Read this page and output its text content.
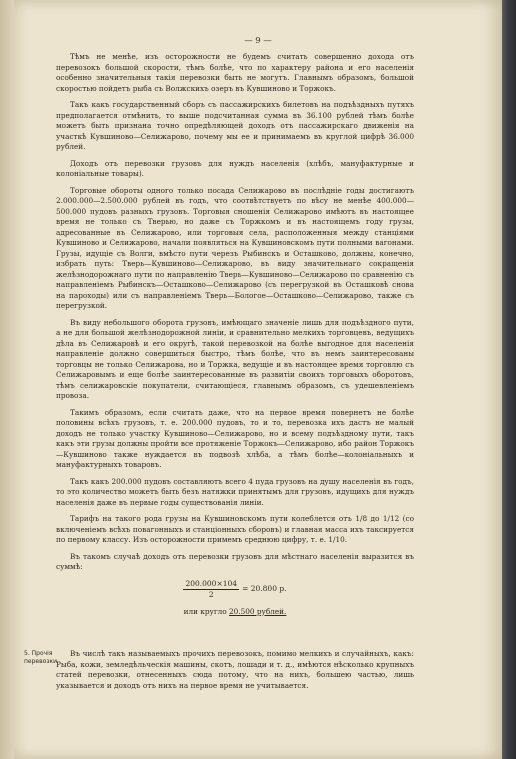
— 9 —

Тѣмъ не менѣе, изъ осторожности не будемъ считать совершенно дохода отъ перевозокъ большой скорости, тѣмъ болѣе, что по характеру района и его населенія особенно значительныя такія перевозки быть не могутъ. Главнымъ образомъ, большой скоростью пойдетъ рыба съ Волжскихъ озеръ въ Кувшиново и Торжокъ.

Такъ какъ государственный сборъ съ пассажирскихъ билетовъ на подъѣздныхъ путяхъ предполагается отмѣнить, то выше подсчитанная сумма въ 36.100 рублей тѣмъ болѣе можетъ быть признана точно опредѣляющей доходъ отъ пассажирскаго движенія на участкѣ Кувшиново—Селижарово, почему мы ее и принимаемъ въ круглой цифрѣ 36.000 рублей.

Доходъ отъ перевозки грузовъ для нуждъ населенія (хлѣбъ, мануфактурные и колоніальные товары).

Торговые обороты одного только посада Селижарово въ послѣдніе годы достигаютъ 2.000.000—2.500.000 рублей въ годъ, что соотвѣтствуетъ по вѣсу не менѣе 400.000—500.000 пудовъ разныхъ грузовъ. Торговыя сношенія Селижарово имѣютъ въ настоящее время не только съ Тверью, но даже съ Торжкомъ и въ настоящемъ году грузы, адресованные въ Селижарово, или торговыя села, расположенныя между станціями Кувшиново и Селижарово, начали появляться на Кувшиновскомъ пути полными вагонами. Грузы, идущіе съ Волги, вмѣсто пути черезъ Рыбинскъ и Осташково, должны, конечно, избрать путь: Тверь—Кувшиново—Селижарово, въ виду значительнаго сокращенія желѣзнодорожнаго пути по направленію Тверь—Кувшиново—Селижарово по сравненію съ направленіемъ Рыбинскъ—Осташково—Селижарово (съ перегрузкой въ Осташковѣ снова на пароходы) или съ направленіемъ Тверь—Бологое—Осташково—Селижарово, также съ перегрузкой.

Въ виду небольшого оборота грузовъ, имѣющаго значеніе лишь для подъѣздного пути, а не для большой желѣзнодорожной линіи, и сравнительно мелкихъ торговцевъ, ведущихъ дѣла въ Селижаровѣ и его округѣ, такой перевозкой на болѣе выгодное для населенія направленіе должно совершиться быстро, тѣмъ болѣе, что въ немъ заинтересованы торговцы не только Селижарова, но и Торжка, ведущіе и въ настоящее время торговлю съ Селижаровымъ и еще болѣе заинтересованные въ развитіи своихъ торговыхъ оборотовъ, тѣмъ селижаровскіе покупатели, считающіеся, главнымъ образомъ, съ удешевленіемъ провоза.

Такимъ образомъ, если считать даже, что на первое время повернетъ не болѣе половины всѣхъ грузовъ, т. е. 200.000 пудовъ, то и то, перевозка ихъ дастъ не малый доходъ не только участку Кувшиново—Селижарово, но и всему подъѣздному пути, такъ какъ эти грузы должны пройти все протяженіе Торжокъ—Селижарово, ибо район Торжокъ—Кувшиново также нуждается въ подвозѣ хлѣба, а тѣмъ болѣе—колоніальныхъ и мануфактурныхъ товаровъ.

Такъ какъ 200.000 пудовъ составляютъ всего 4 пуда грузовъ на душу населенія въ годъ, то это количество можетъ быть безъ натяжки принятымъ для грузовъ, идущихъ для нуждъ населенія даже въ первые годы существованія линіи.

Тарифъ на такого рода грузы на Кувшиновскомъ пути колеблется отъ 1/8 до 1/12 (со включеніемъ всѣхъ повагонныхъ и станціонныхъ сборовъ) и главная масса ихъ таксируется по первому классу. Изъ осторожности примемъ среднюю цифру, т. е. 1/10.

Въ такомъ случаѣ доходъ отъ перевозки грузовъ для мѣстнаго населенія выразится въ суммѣ:

$\frac{200.000\times 104}{2} = 20.800$ р.
или кругло 20.500 рублей.
5. Прочія перевозки.

Въ числѣ такъ называемыхъ прочихъ перевозокъ, помимо мелкихъ и случайныхъ, какъ: Рыба, кожи, земледѣльческія машины, скотъ, лошади и т. д., имѣются нѣсколько крупныхъ статей перевозки, отнесенныхъ сюда потому, что на нихъ, большею частью, лишь указывается и доходъ отъ нихъ на первое время не учитывается.
